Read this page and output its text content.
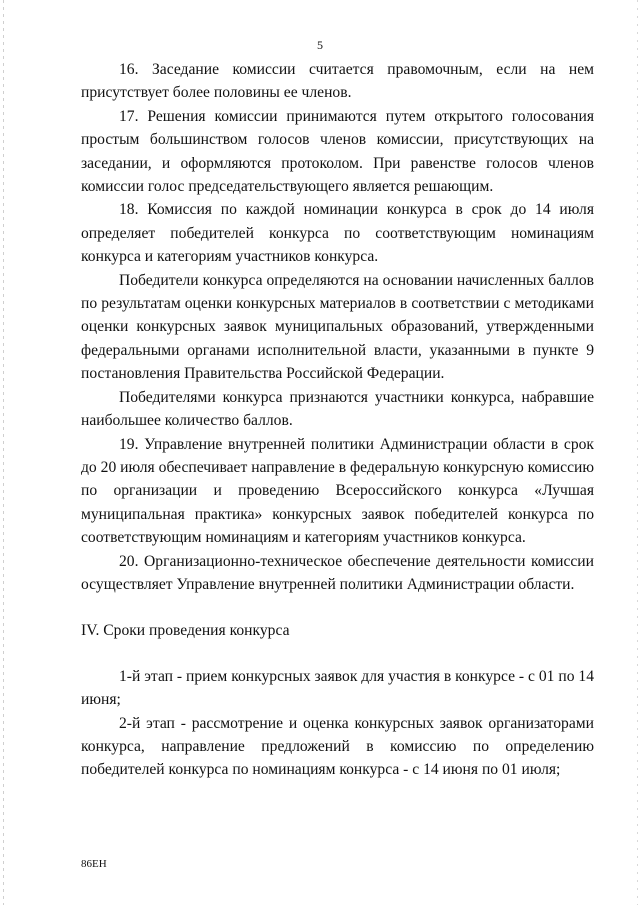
5

16. Заседание комиссии считается правомочным, если на нем присутствует более половины ее членов.

17. Решения комиссии принимаются путем открытого голосования простым большинством голосов членов комиссии, присутствующих на заседании, и оформляются протоколом. При равенстве голосов членов комиссии голос председательствующего является решающим.

18. Комиссия по каждой номинации конкурса в срок до 14 июля определяет победителей конкурса по соответствующим номинациям конкурса и категориям участников конкурса.

Победители конкурса определяются на основании начисленных баллов по результатам оценки конкурсных материалов в соответствии с методиками оценки конкурсных заявок муниципальных образований, утвержденными федеральными органами исполнительной власти, указанными в пункте 9 постановления Правительства Российской Федерации.

Победителями конкурса признаются участники конкурса, набравшие наибольшее количество баллов.

19. Управление внутренней политики Администрации области в срок до 20 июля обеспечивает направление в федеральную конкурсную комиссию по организации и проведению Всероссийского конкурса «Лучшая муниципальная практика» конкурсных заявок победителей конкурса по соответствующим номинациям и категориям участников конкурса.

20. Организационно-техническое обеспечение деятельности комиссии осуществляет Управление внутренней политики Администрации области.

IV. Сроки проведения конкурса

1-й этап - прием конкурсных заявок для участия в конкурсе - с 01 по 14 июня;

2-й этап - рассмотрение и оценка конкурсных заявок организаторами конкурса, направление предложений в комиссию по определению победителей конкурса по номинациям конкурса - с 14 июня по 01 июля;

86ЕН
